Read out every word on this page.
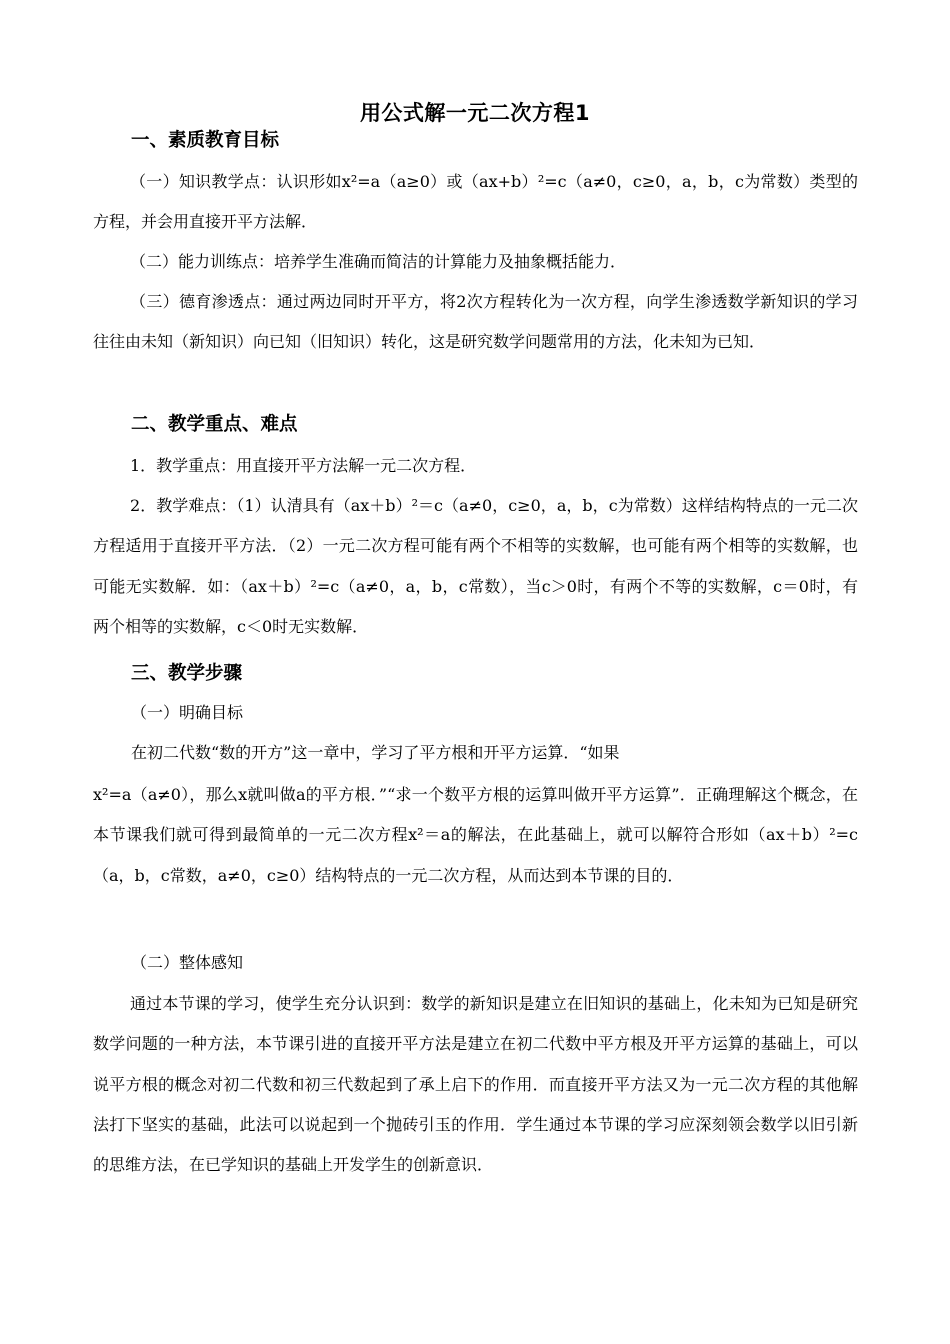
用公式解一元二次方程1
一、素质教育目标
（一）知识教学点：认识形如x²=a（a≥0）或（ax+b）²=c（a≠0，c≥0，a，b，c为常数）类型的方程，并会用直接开平方法解．
（二）能力训练点：培养学生准确而简洁的计算能力及抽象概括能力．
（三）德育渗透点：通过两边同时开平方，将2次方程转化为一次方程，向学生渗透数学新知识的学习往往由未知（新知识）向已知（旧知识）转化，这是研究数学问题常用的方法，化未知为已知．
二、教学重点、难点
1．教学重点：用直接开平方法解一元二次方程．
2．教学难点：（1）认清具有（ax＋b）²＝c（a≠0，c≥0，a，b，c为常数）这样结构特点的一元二次方程适用于直接开平方法．（2）一元二次方程可能有两个不相等的实数解，也可能有两个相等的实数解，也可能无实数解．如：（ax＋b）²=c（a≠0，a，b，c常数），当c＞0时，有两个不等的实数解，c＝0时，有两个相等的实数解，c＜0时无实数解．
三、教学步骤
（一）明确目标
在初二代数“数的开方”这一章中，学习了平方根和开平方运算．“如果
x²=a（a≠0），那么x就叫做a的平方根．”“求一个数平方根的运算叫做开平方运算”．正确理解这个概念，在本节课我们就可得到最简单的一元二次方程x²＝a的解法，在此基础上，就可以解符合形如（ax＋b）²=c（a，b，c常数，a≠0，c≥0）结构特点的一元二次方程，从而达到本节课的目的．
（二）整体感知
通过本节课的学习，使学生充分认识到：数学的新知识是建立在旧知识的基础上，化未知为已知是研究数学问题的一种方法，本节课引进的直接开平方法是建立在初二代数中平方根及开平方运算的基础上，可以说平方根的概念对初二代数和初三代数起到了承上启下的作用．而直接开平方法又为一元二次方程的其他解法打下坚实的基础，此法可以说起到一个抛砖引玉的作用．学生通过本节课的学习应深刻领会数学以旧引新的思维方法，在已学知识的基础上开发学生的创新意识．
